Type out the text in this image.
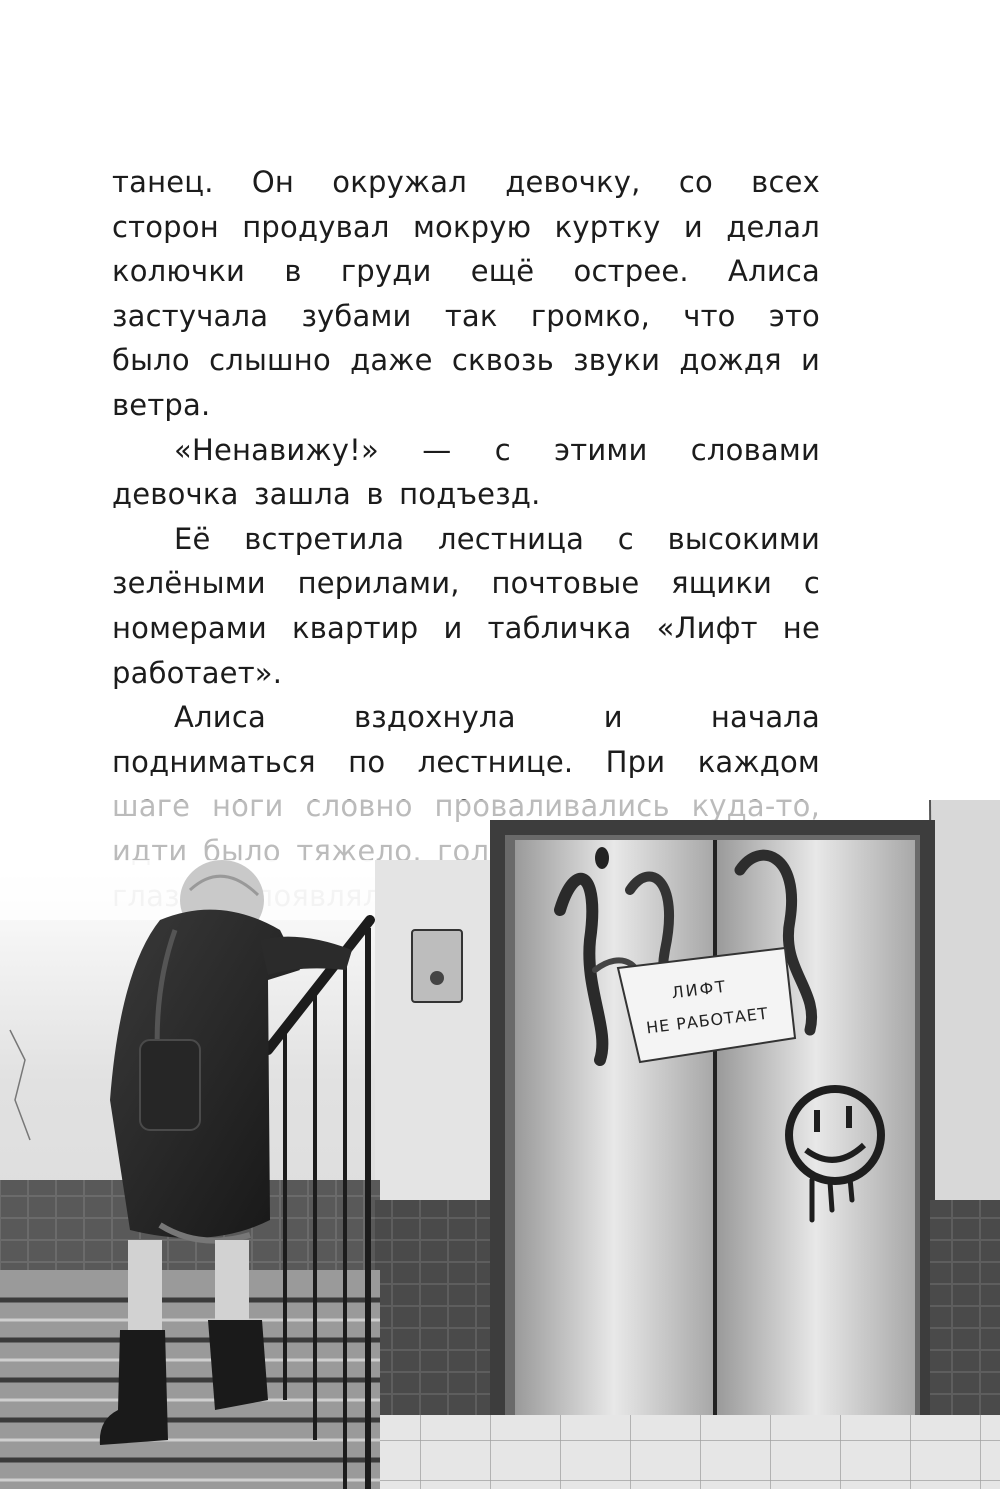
танец. Он окружал девочку, со всех сторон продувал мокрую куртку и делал колючки в груди ещё острее. Алиса застучала зубами так громко, что это было слышно даже сквозь звуки дождя и ветра.

«Ненавижу!» — с этими словами девочка зашла в подъезд.

Её встретила лестница с высокими зелёными перилами, почтовые ящики с номерами квартир и табличка «Лифт не работает».

Алиса вздохнула и начала подниматься по лестнице. При каждом

ЛИФТ
НЕ РАБОТАЕТ
